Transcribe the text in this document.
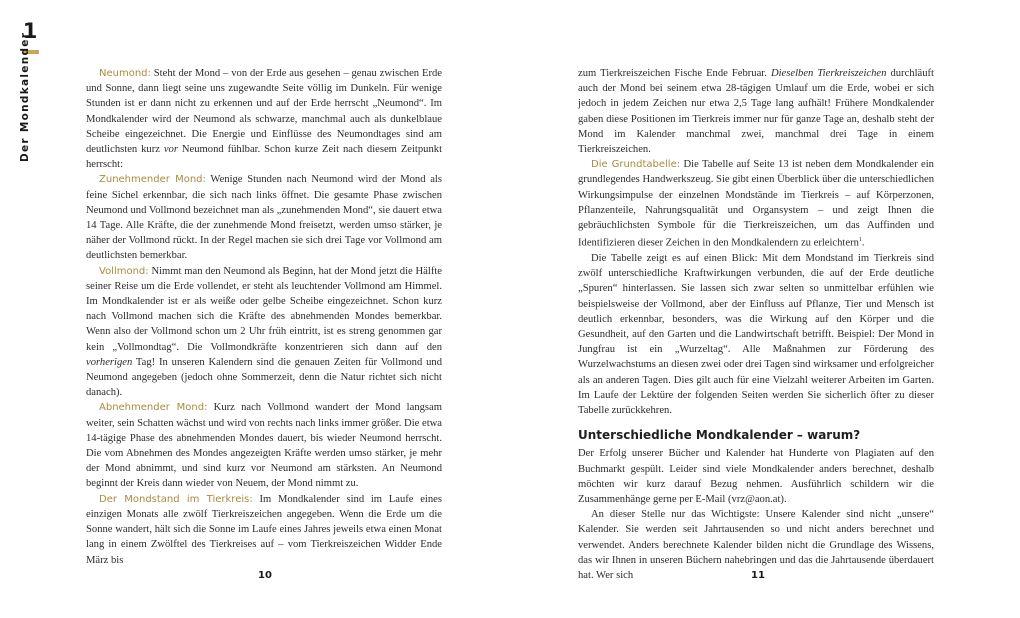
1
Der Mondkalender	Neumond: Steht der Mond – von der Erde aus gesehen – genau zwischen Erde und Sonne, dann liegt seine uns zugewandte Seite völlig im Dunkeln. Für wenige Stunden ist er dann nicht zu erkennen und auf der Erde herrscht „Neumond“. Im Mondkalender wird der Neumond als schwarze, manchmal auch als dunkelblaue Scheibe eingezeichnet. Die Energie und Einflüsse des Neumondtages sind am deutlichsten kurz vor Neumond fühlbar. Schon kurze Zeit nach diesem Zeitpunkt herrscht:

Zunehmender Mond: Wenige Stunden nach Neumond wird der Mond als feine Sichel erkennbar, die sich nach links öffnet. Die gesamte Phase zwischen Neumond und Vollmond bezeichnet man als „zunehmenden Mond“, sie dauert etwa 14 Tage. Alle Kräfte, die der zunehmende Mond freisetzt, werden umso stärker, je näher der Vollmond rückt. In der Regel machen sie sich drei Tage vor Vollmond am deutlichsten bemerkbar.

Vollmond: Nimmt man den Neumond als Beginn, hat der Mond jetzt die Hälfte seiner Reise um die Erde vollendet, er steht als leuchtender Vollmond am Himmel. Im Mondkalender ist er als weiße oder gelbe Scheibe eingezeichnet. Schon kurz nach Vollmond machen sich die Kräfte des abnehmenden Mondes bemerkbar. Wenn also der Vollmond schon um 2 Uhr früh eintritt, ist es streng genommen gar kein „Vollmondtag“. Die Vollmondkräfte konzentrieren sich dann auf den vorherigen Tag! In unseren Kalendern sind die genauen Zeiten für Vollmond und Neumond angegeben (jedoch ohne Sommerzeit, denn die Natur richtet sich nicht danach).

Abnehmender Mond: Kurz nach Vollmond wandert der Mond langsam weiter, sein Schatten wächst und wird von rechts nach links immer größer. Die etwa 14-tägige Phase des abnehmenden Mondes dauert, bis wieder Neumond herrscht. Die vom Abnehmen des Mondes angezeigten Kräfte werden umso stärker, je mehr der Mond abnimmt, und sind kurz vor Neumond am stärksten. An Neumond beginnt der Kreis dann wieder von Neuem, der Mond nimmt zu.

Der Mondstand im Tierkreis: Im Mondkalender sind im Laufe eines einzigen Monats alle zwölf Tierkreiszeichen angegeben. Wenn die Erde um die Sonne wandert, hält sich die Sonne im Laufe eines Jahres jeweils etwa einen Monat lang in einem Zwölftel des Tierkreises auf – vom Tierkreiszeichen Widder Ende März bis

zum Tierkreiszeichen Fische Ende Februar. Dieselben Tierkreiszeichen durchläuft auch der Mond bei seinem etwa 28-tägigen Umlauf um die Erde, wobei er sich jedoch in jedem Zeichen nur etwa 2,5 Tage lang aufhält! Frühere Mondkalender gaben diese Positionen im Tierkreis immer nur für ganze Tage an, deshalb steht der Mond im Kalender manchmal zwei, manchmal drei Tage in einem Tierkreiszeichen.

Die Grundtabelle: Die Tabelle auf Seite 13 ist neben dem Mondkalender ein grundlegendes Handwerkszeug. Sie gibt einen Überblick über die unterschiedlichen Wirkungsimpulse der einzelnen Mondstände im Tierkreis – auf Körperzonen, Pflanzenteile, Nahrungsqualität und Organsystem – und zeigt Ihnen die gebräuchlichsten Symbole für die Tierkreiszeichen, um das Auffinden und Identifizieren dieser Zeichen in den Mondkalendern zu erleichtern$^1$.

Die Tabelle zeigt es auf einen Blick: Mit dem Mondstand im Tierkreis sind zwölf unterschiedliche Kraftwirkungen verbunden, die auf der Erde deutliche „Spuren“ hinterlassen. Sie lassen sich zwar selten so unmittelbar erfühlen wie beispielsweise der Vollmond, aber der Einfluss auf Pflanze, Tier und Mensch ist deutlich erkennbar, besonders, was die Wirkung auf den Körper und die Gesundheit, auf den Garten und die Landwirtschaft betrifft. Beispiel: Der Mond in Jungfrau ist ein „Wurzeltag“. Alle Maßnahmen zur Förderung des Wurzelwachstums an diesen zwei oder drei Tagen sind wirksamer und erfolgreicher als an anderen Tagen. Dies gilt auch für eine Vielzahl weiterer Arbeiten im Garten. Im Laufe der Lektüre der folgenden Seiten werden Sie sicherlich öfter zu dieser Tabelle zurückkehren.

Unterschiedliche Mondkalender – warum?

Der Erfolg unserer Bücher und Kalender hat Hunderte von Plagiaten auf den Buchmarkt gespült. Leider sind viele Mondkalender anders berechnet, deshalb möchten wir kurz darauf Bezug nehmen. Ausführlich schildern wir die Zusammenhänge gerne per E-Mail (vrz@aon.at).

An dieser Stelle nur das Wichtigste: Unsere Kalender sind nicht „unsere“ Kalender. Sie werden seit Jahrtausenden so und nicht anders berechnet und verwendet. Anders berechnete Kalender bilden nicht die Grundlage des Wissens, das wir Ihnen in unseren Büchern nahebringen und das die Jahrtausende überdauert hat. Wer sich

10	11
